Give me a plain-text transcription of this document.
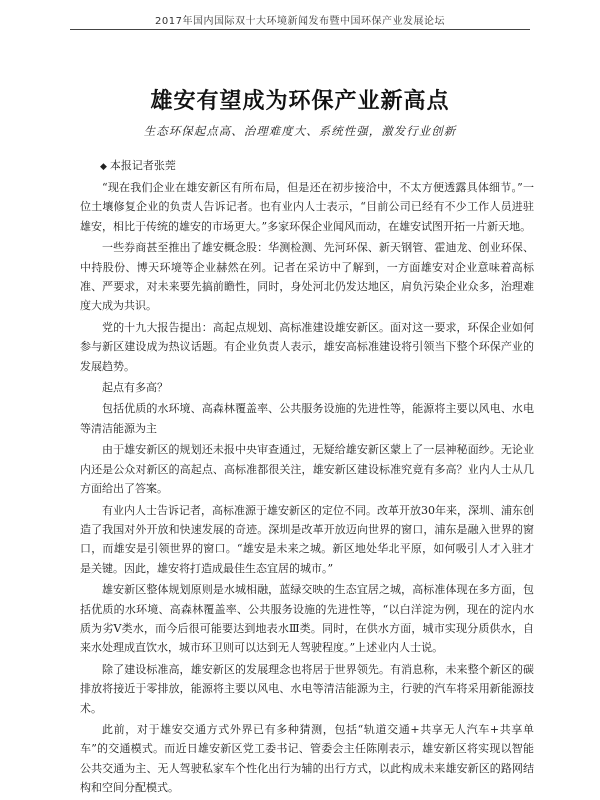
2017年国内国际双十大环境新闻发布暨中国环保产业发展论坛
雄安有望成为环保产业新高点
生态环保起点高、治理难度大、系统性强，激发行业创新
◆ 本报记者张莞

“现在我们企业在雄安新区有所布局，但是还在初步接洽中，不太方便透露具体细节。”一位土壤修复企业的负责人告诉记者。也有业内人士表示，“目前公司已经有不少工作人员进驻雄安，相比于传统的雄安的市场更大。”多家环保企业闻风而动，在雄安试图开拓一片新天地。

一些券商甚至推出了雄安概念股：华测检测、先河环保、新天钢管、霍迪龙、创业环保、中持股份、博天环境等企业赫然在列。记者在采访中了解到，一方面雄安对企业意味着高标准、严要求，对未来要先搞前瞻性，同时，身处河北仍发达地区，肩负污染企业众多，治理难度大成为共识。

党的十九大报告提出：高起点规划、高标准建设雄安新区。面对这一要求，环保企业如何参与新区建设成为热议话题。有企业负责人表示，雄安高标准建设将引领当下整个环保产业的发展趋势。

起点有多高？

包括优质的水环境、高森林覆盖率、公共服务设施的先进性等，能源将主要以风电、水电等清洁能源为主

由于雄安新区的规划还未报中央审查通过，无疑给雄安新区蒙上了一层神秘面纱。无论业内还是公众对新区的高起点、高标准都很关注，雄安新区建设标准究竟有多高？业内人士从几方面给出了答案。

有业内人士告诉记者，高标准源于雄安新区的定位不同。改革开放30年来，深圳、浦东创造了我国对外开放和快速发展的奇迹。深圳是改革开放迈向世界的窗口，浦东是融入世界的窗口，而雄安是引领世界的窗口。“雄安是未来之城。新区地处华北平原，如何吸引人才入驻才是关键。因此，雄安将打造成最佳生态宜居的城市。”

雄安新区整体规划原则是水城相融，蓝绿交映的生态宜居之城，高标准体现在多方面，包括优质的水环境、高森林覆盖率、公共服务设施的先进性等，“以白洋淀为例，现在的淀内水质为劣V类水，而今后很可能要达到地表水Ⅲ类。同时，在供水方面，城市实现分质供水，自来水处理成直饮水，城市环卫则可以达到无人驾驶程度。”上述业内人士说。

除了建设标准高，雄安新区的发展理念也将居于世界领先。有消息称，未来整个新区的碳排放将接近于零排放，能源将主要以风电、水电等清洁能源为主，行驶的汽车将采用新能源技术。

此前，对于雄安交通方式外界已有多种猜测，包括“轨道交通+共享无人汽车+共享单车”的交通模式。而近日雄安新区党工委书记、管委会主任陈刚表示，雄安新区将实现以智能公共交通为主、无人驾驶私家车个性化出行为辅的出行方式，以此构成未来雄安新区的路网结构和空间分配模式。
